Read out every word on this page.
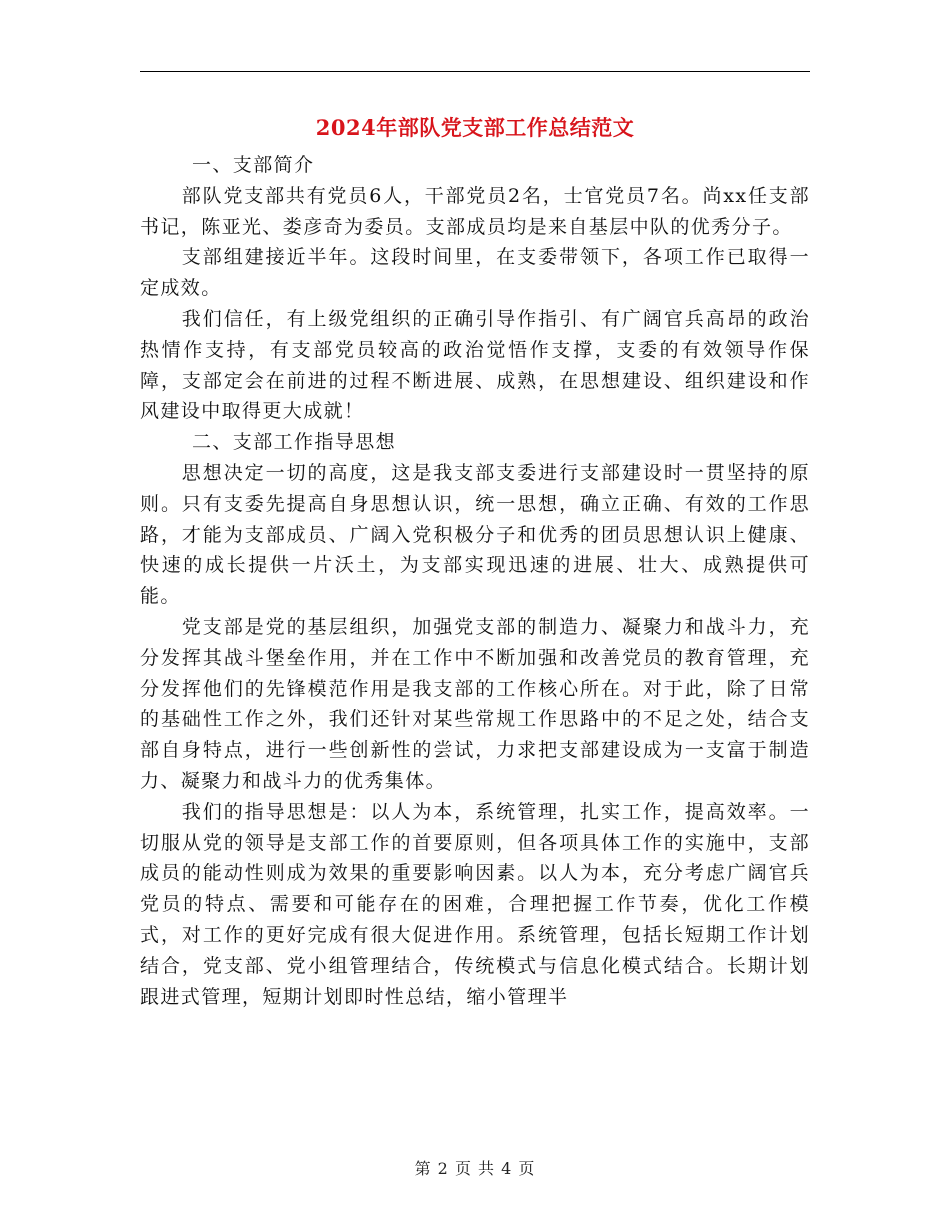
2024年部队党支部工作总结范文

一、支部简介

部队党支部共有党员6人，干部党员2名，士官党员7名。尚xx任支部书记，陈亚光、娄彦奇为委员。支部成员均是来自基层中队的优秀分子。

支部组建接近半年。这段时间里，在支委带领下，各项工作已取得一定成效。

我们信任，有上级党组织的正确引导作指引、有广阔官兵高昂的政治热情作支持，有支部党员较高的政治觉悟作支撑，支委的有效领导作保障，支部定会在前进的过程不断进展、成熟，在思想建设、组织建设和作风建设中取得更大成就！

二、支部工作指导思想

思想决定一切的高度，这是我支部支委进行支部建设时一贯坚持的原则。只有支委先提高自身思想认识，统一思想，确立正确、有效的工作思路，才能为支部成员、广阔入党积极分子和优秀的团员思想认识上健康、快速的成长提供一片沃土，为支部实现迅速的进展、壮大、成熟提供可能。

党支部是党的基层组织，加强党支部的制造力、凝聚力和战斗力，充分发挥其战斗堡垒作用，并在工作中不断加强和改善党员的教育管理，充分发挥他们的先锋模范作用是我支部的工作核心所在。对于此，除了日常的基础性工作之外，我们还针对某些常规工作思路中的不足之处，结合支部自身特点，进行一些创新性的尝试，力求把支部建设成为一支富于制造力、凝聚力和战斗力的优秀集体。

我们的指导思想是：以人为本，系统管理，扎实工作，提高效率。一切服从党的领导是支部工作的首要原则，但各项具体工作的实施中，支部成员的能动性则成为效果的重要影响因素。以人为本，充分考虑广阔官兵党员的特点、需要和可能存在的困难，合理把握工作节奏，优化工作模式，对工作的更好完成有很大促进作用。系统管理，包括长短期工作计划结合，党支部、党小组管理结合，传统模式与信息化模式结合。长期计划跟进式管理，短期计划即时性总结，缩小管理半

第 2 页 共 4 页
